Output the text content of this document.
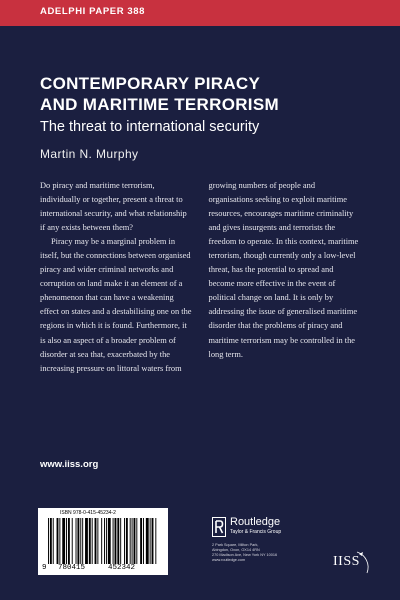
ADELPHI PAPER 388
CONTEMPORARY PIRACY
AND MARITIME TERRORISM
The threat to international security
Martin N. Murphy

Do piracy and maritime terrorism, individually or together, present a threat to international security, and what relationship if any exists between them?

Piracy may be a marginal problem in itself, but the connections between organised piracy and wider criminal networks and corruption on land make it an element of a phenomenon that can have a weakening effect on states and a destabilising one on the regions in which it is found. Furthermore, it is also an aspect of a broader problem of disorder at sea that, exacerbated by the increasing pressure on littoral waters from growing numbers of people and organisations seeking to exploit maritime resources, encourages maritime criminality and gives insurgents and terrorists the freedom to operate. In this context, maritime terrorism, though currently only a low-level threat, has the potential to spread and become more effective in the event of political change on land. It is only by addressing the issue of generalised maritime disorder that the problems of piracy and maritime terrorism may be controlled in the long term.

www.iiss.org
ISBN 978-0-415-45234-2
9 780415	452342
Routledge
Taylor & Francis Group
2 Park Square, Milton Park,
Abingdon, Oxon, OX14 4RN
270 Madison Ave, New York NY 10016
www.routledge.com	IISS
